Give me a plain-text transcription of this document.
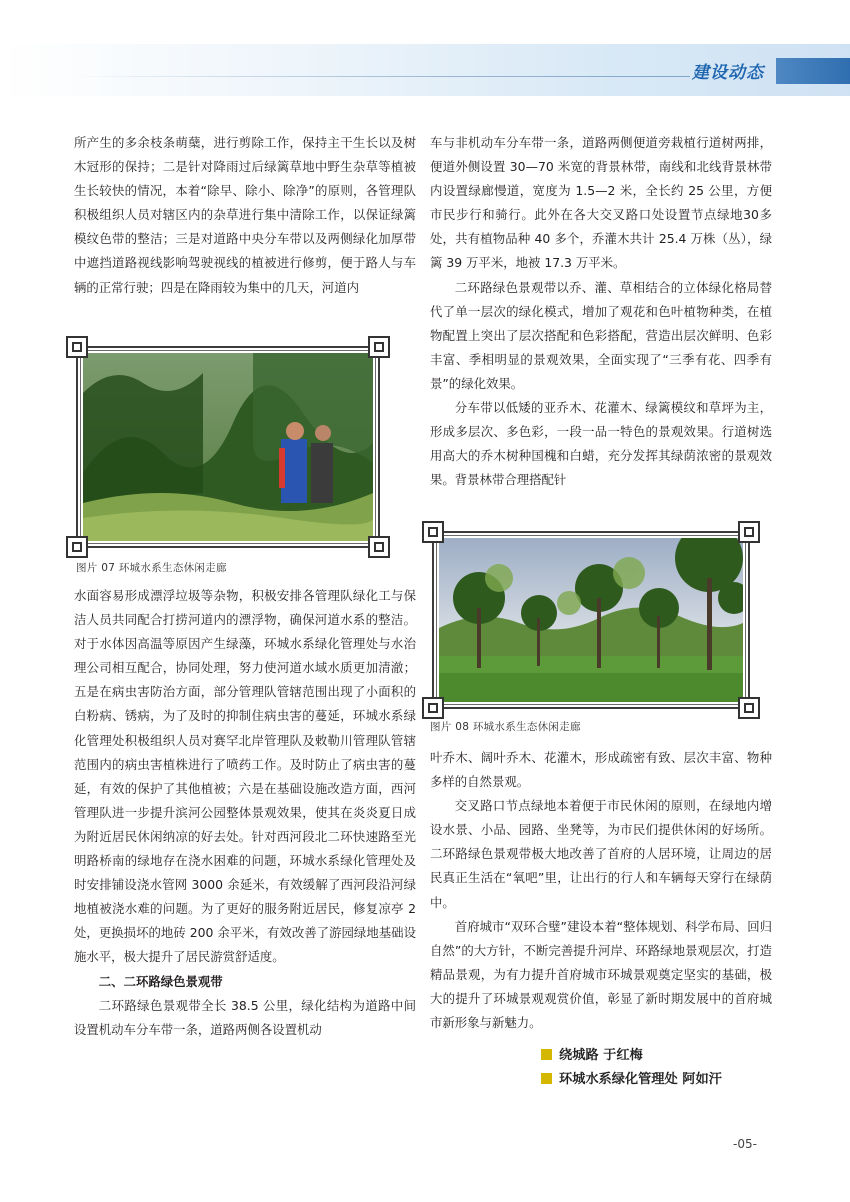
建设动态

所产生的多余枝条萌蘖，进行剪除工作，保持主干生长以及树木冠形的保持；二是针对降雨过后绿篱草地中野生杂草等植被生长较快的情况，本着“除早、除小、除净”的原则，各管理队积极组织人员对辖区内的杂草进行集中清除工作，以保证绿篱模纹色带的整洁；三是对道路中央分车带以及两侧绿化加厚带中遮挡道路视线影响驾驶视线的植被进行修剪，便于路人与车辆的正常行驶；四是在降雨较为集中的几天，河道内

图片 07 环城水系生态休闲走廊

水面容易形成漂浮垃圾等杂物，积极安排各管理队绿化工与保洁人员共同配合打捞河道内的漂浮物，确保河道水系的整洁。对于水体因高温等原因产生绿藻，环城水系绿化管理处与水治理公司相互配合，协同处理，努力使河道水域水质更加清澈；五是在病虫害防治方面，部分管理队管辖范围出现了小面积的白粉病、锈病，为了及时的抑制住病虫害的蔓延，环城水系绿化管理处积极组织人员对赛罕北岸管理队及敕勒川管理队管辖范围内的病虫害植株进行了喷药工作。及时防止了病虫害的蔓延，有效的保护了其他植被；六是在基础设施改造方面，西河管理队进一步提升滨河公园整体景观效果，使其在炎炎夏日成为附近居民休闲纳凉的好去处。针对西河段北二环快速路至光明路桥南的绿地存在浇水困难的问题，环城水系绿化管理处及时安排铺设浇水管网 3000 余延米，有效缓解了西河段沿河绿地植被浇水难的问题。为了更好的服务附近居民，修复凉亭 2 处，更换损坏的地砖 200 余平米，有效改善了游园绿地基础设施水平，极大提升了居民游赏舒适度。

二、二环路绿色景观带

二环路绿色景观带全长 38.5 公里，绿化结构为道路中间设置机动车分车带一条，道路两侧各设置机动

车与非机动车分车带一条，道路两侧便道旁栽植行道树两排，便道外侧设置 30—70 米宽的背景林带，南线和北线背景林带内设置绿廊慢道，宽度为 1.5—2 米，全长约 25 公里，方便市民步行和骑行。此外在各大交叉路口处设置节点绿地30多处，共有植物品种 40 多个，乔灌木共计 25.4 万株（丛），绿篱 39 万平米，地被 17.3 万平米。

二环路绿色景观带以乔、灌、草相结合的立体绿化格局替代了单一层次的绿化模式，增加了观花和色叶植物种类，在植物配置上突出了层次搭配和色彩搭配，营造出层次鲜明、色彩丰富、季相明显的景观效果，全面实现了“三季有花、四季有景”的绿化效果。

分车带以低矮的亚乔木、花灌木、绿篱模纹和草坪为主，形成多层次、多色彩，一段一品一特色的景观效果。行道树选用高大的乔木树种国槐和白蜡，充分发挥其绿荫浓密的景观效果。背景林带合理搭配针

图片 08 环城水系生态休闲走廊

叶乔木、阔叶乔木、花灌木，形成疏密有致、层次丰富、物种多样的自然景观。

交叉路口节点绿地本着便于市民休闲的原则，在绿地内增设水景、小品、园路、坐凳等，为市民们提供休闲的好场所。二环路绿色景观带极大地改善了首府的人居环境，让周边的居民真正生活在“氧吧”里，让出行的行人和车辆每天穿行在绿荫中。

首府城市“双环合璧”建设本着“整体规划、科学布局、回归自然”的大方针，不断完善提升河岸、环路绿地景观层次，打造精品景观，为有力提升首府城市环城景观奠定坚实的基础，极大的提升了环城景观观赏价值，彰显了新时期发展中的首府城市新形象与新魅力。

绕城路 于红梅
环城水系绿化管理处 阿如汗
-05-
